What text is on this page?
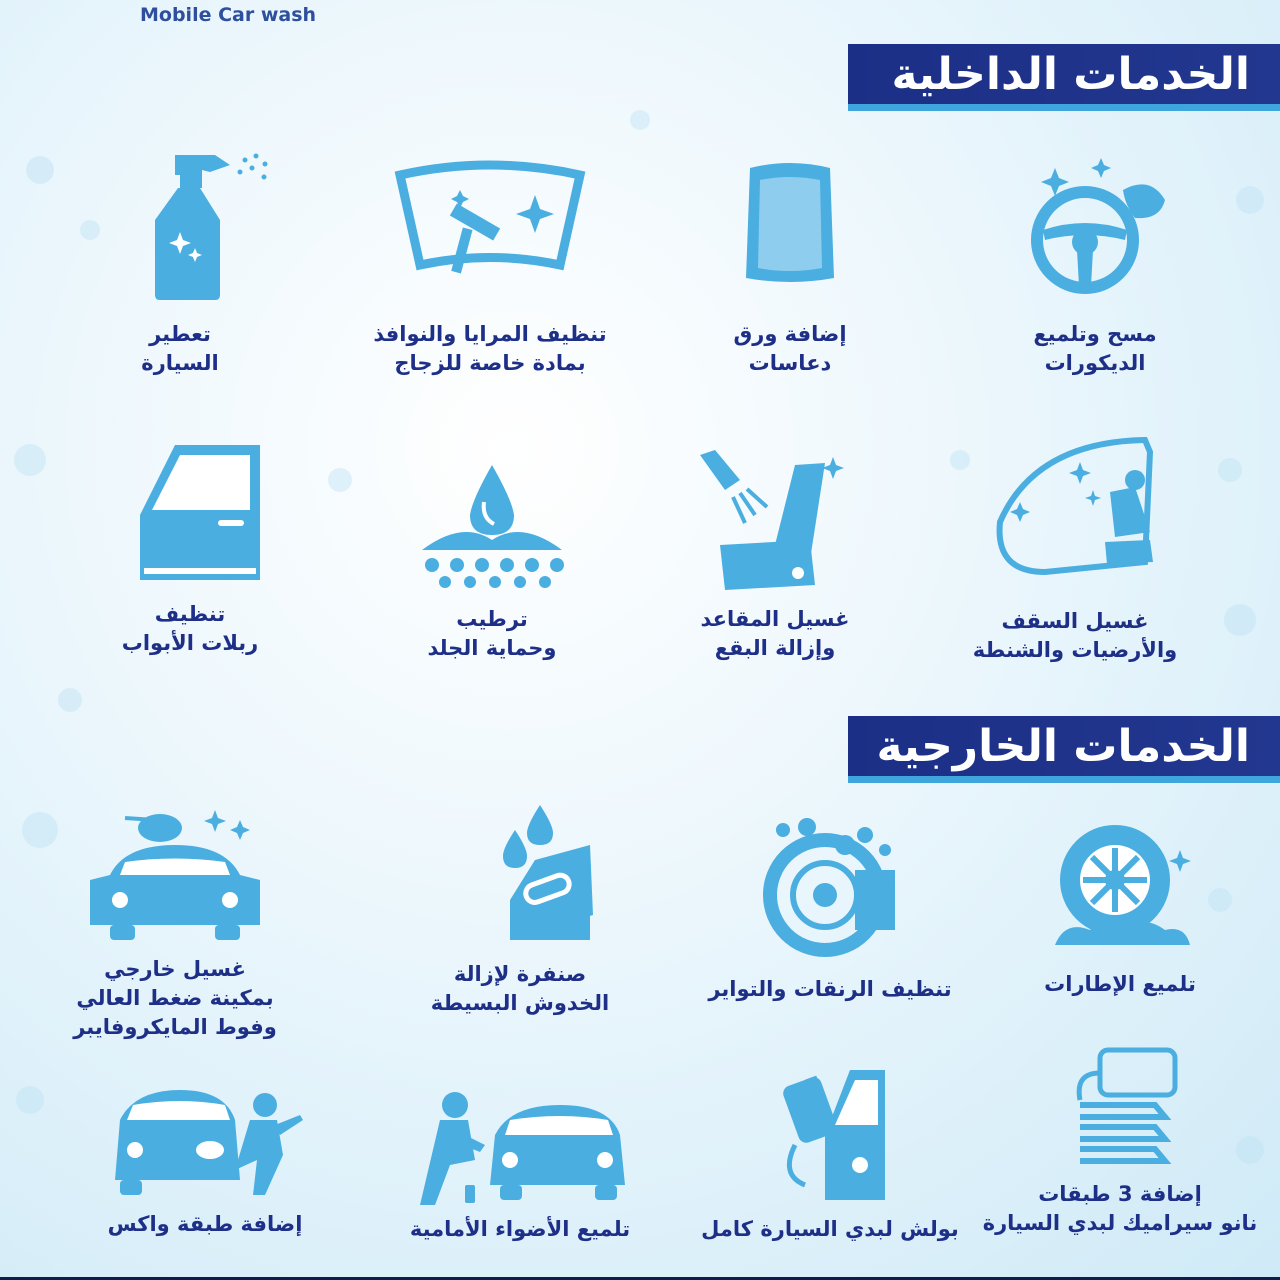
Mobile Car wash
الخدمات الداخلية
الخدمات الخارجية
مسح وتلميع
الديكورات
إضافة ورق
دعاسات
تنظيف المرايا والنوافذ
بمادة خاصة للزجاج
تعطير
السيارة
غسيل السقف
والأرضيات والشنطة
غسيل المقاعد
وإزالة البقع
ترطيب
وحماية الجلد
تنظيف
ربلات الأبواب
تلميع الإطارات
تنظيف الرنقات والتواير
صنفرة لإزالة
الخدوش البسيطة
غسيل خارجي
بمكينة ضغط العالي
وفوط المايكروفايبر
إضافة 3 طبقات
نانو سيراميك لبدي السيارة
بولش لبدي السيارة كامل
تلميع الأضواء الأمامية
إضافة طبقة واكس
